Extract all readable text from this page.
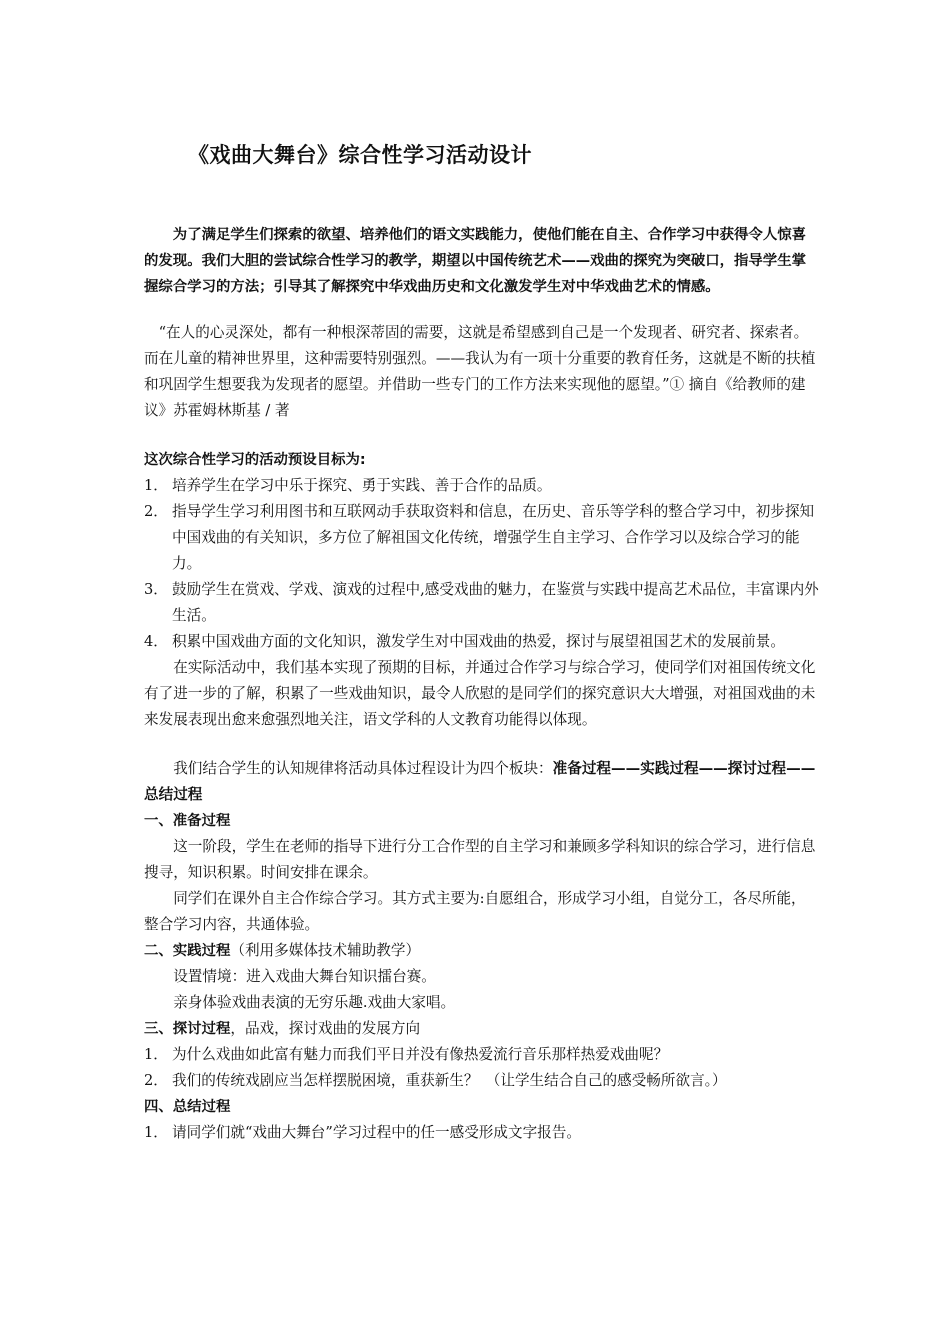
《戏曲大舞台》综合性学习活动设计

为了满足学生们探索的欲望、培养他们的语文实践能力，使他们能在自主、合作学习中获得令人惊喜的发现。我们大胆的尝试综合性学习的教学，期望以中国传统艺术——戏曲的探究为突破口，指导学生掌握综合学习的方法；引导其了解探究中华戏曲历史和文化激发学生对中华戏曲艺术的情感。

“在人的心灵深处，都有一种根深蒂固的需要，这就是希望感到自己是一个发现者、研究者、探索者。而在儿童的精神世界里，这种需要特别强烈。——我认为有一项十分重要的教育任务，这就是不断的扶植和巩固学生想要我为发现者的愿望。并借助一些专门的工作方法来实现他的愿望。”① 摘自《给教师的建议》苏霍姆林斯基 / 著

这次综合性学习的活动预设目标为:

1． 培养学生在学习中乐于探究、勇于实践、善于合作的品质。
2． 指导学生学习利用图书和互联网动手获取资料和信息，在历史、音乐等学科的整合学习中，初步探知中国戏曲的有关知识，多方位了解祖国文化传统，增强学生自主学习、合作学习以及综合学习的能力。
3． 鼓励学生在赏戏、学戏、演戏的过程中,感受戏曲的魅力，在鉴赏与实践中提高艺术品位，丰富课内外生活。
4． 积累中国戏曲方面的文化知识，激发学生对中国戏曲的热爱，探讨与展望祖国艺术的发展前景。

在实际活动中，我们基本实现了预期的目标，并通过合作学习与综合学习，使同学们对祖国传统文化有了进一步的了解，积累了一些戏曲知识，最令人欣慰的是同学们的探究意识大大增强，对祖国戏曲的未来发展表现出愈来愈强烈地关注，语文学科的人文教育功能得以体现。

我们结合学生的认知规律将活动具体过程设计为四个板块：准备过程——实践过程——探讨过程——总结过程

一、准备过程

这一阶段，学生在老师的指导下进行分工合作型的自主学习和兼顾多学科知识的综合学习，进行信息搜寻，知识积累。时间安排在课余。

同学们在课外自主合作综合学习。其方式主要为:自愿组合，形成学习小组，自觉分工，各尽所能，整合学习内容，共通体验。

二、实践过程（利用多媒体技术辅助教学）

设置情境：进入戏曲大舞台知识擂台赛。

亲身体验戏曲表演的无穷乐趣.戏曲大家唱。

三、探讨过程，品戏，探讨戏曲的发展方向

1． 为什么戏曲如此富有魅力而我们平日并没有像热爱流行音乐那样热爱戏曲呢？
2． 我们的传统戏剧应当怎样摆脱困境，重获新生？　（让学生结合自己的感受畅所欲言。）

四、总结过程

1． 请同学们就“戏曲大舞台”学习过程中的任一感受形成文字报告。
